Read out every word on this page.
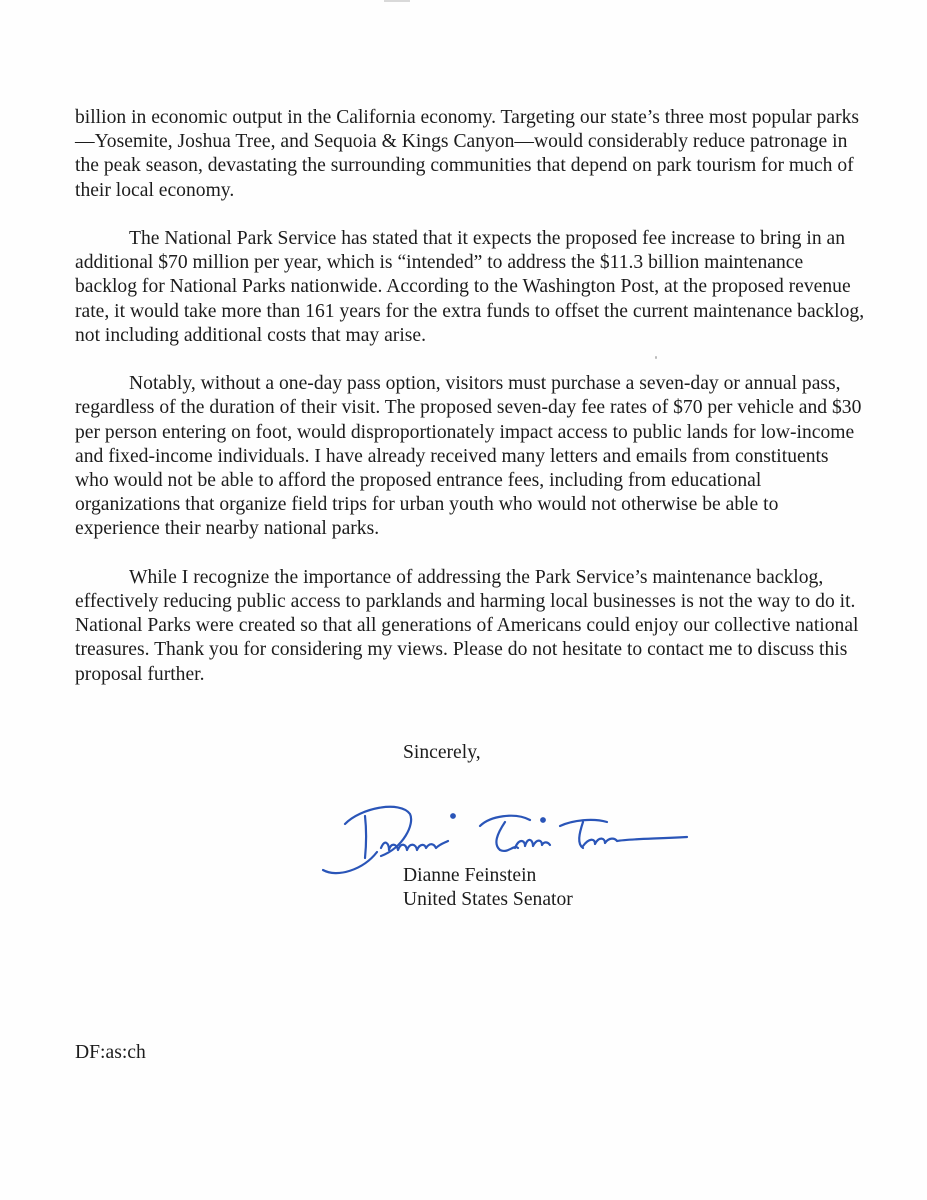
billion in economic output in the California economy. Targeting our state’s three most popular parks—Yosemite, Joshua Tree, and Sequoia & Kings Canyon—would considerably reduce patronage in the peak season, devastating the surrounding communities that depend on park tourism for much of their local economy.

The National Park Service has stated that it expects the proposed fee increase to bring in an additional $70 million per year, which is “intended” to address the $11.3 billion maintenance backlog for National Parks nationwide. According to the Washington Post, at the proposed revenue rate, it would take more than 161 years for the extra funds to offset the current maintenance backlog, not including additional costs that may arise.

Notably, without a one-day pass option, visitors must purchase a seven-day or annual pass, regardless of the duration of their visit. The proposed seven-day fee rates of $70 per vehicle and $30 per person entering on foot, would disproportionately impact access to public lands for low-income and fixed-income individuals. I have already received many letters and emails from constituents who would not be able to afford the proposed entrance fees, including from educational organizations that organize field trips for urban youth who would not otherwise be able to experience their nearby national parks.

While I recognize the importance of addressing the Park Service’s maintenance backlog, effectively reducing public access to parklands and harming local businesses is not the way to do it. National Parks were created so that all generations of Americans could enjoy our collective national treasures. Thank you for considering my views. Please do not hesitate to contact me to discuss this proposal further.

Sincerely,
Dianne Feinstein
United States Senator
DF:as:ch
